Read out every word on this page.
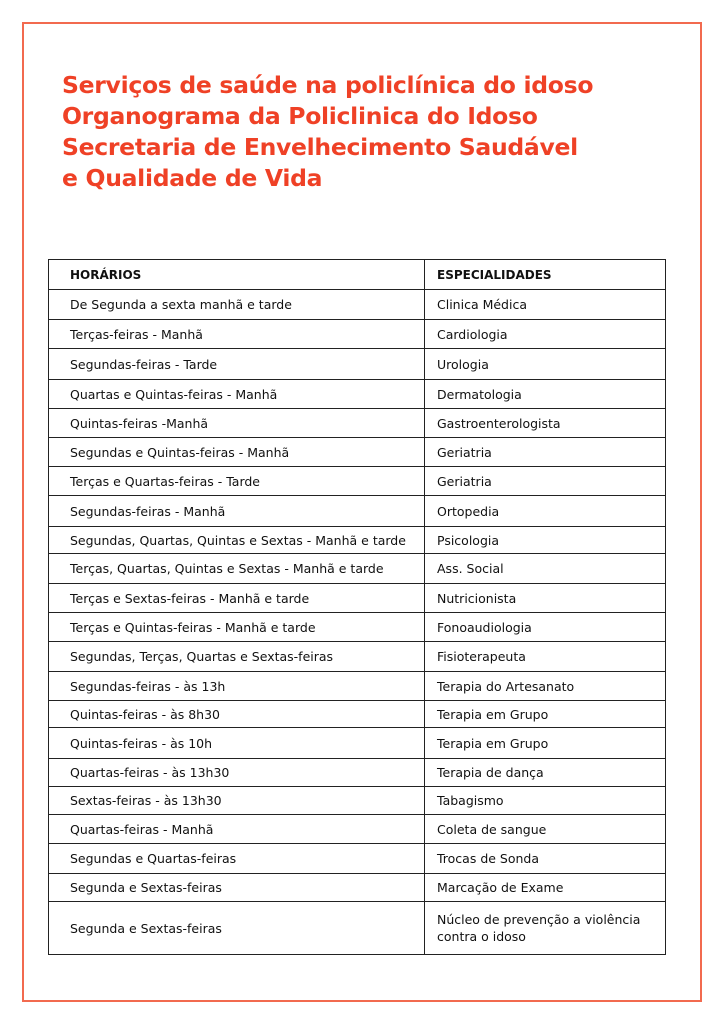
Serviços de saúde na policlínica do idoso
Organograma da Policlinica do Idoso
Secretaria de Envelhecimento Saudável
e Qualidade de Vida
HORÁRIOS	ESPECIALIDADES
De Segunda a sexta manhã e tarde	Clinica Médica
Terças-feiras - Manhã	Cardiologia
Segundas-feiras - Tarde	Urologia
Quartas e Quintas-feiras - Manhã	Dermatologia
Quintas-feiras -Manhã	Gastroenterologista
Segundas e Quintas-feiras - Manhã	Geriatria
Terças e Quartas-feiras - Tarde	Geriatria
Segundas-feiras - Manhã	Ortopedia
Segundas, Quartas, Quintas e Sextas - Manhã e tarde	Psicologia
Terças, Quartas, Quintas e Sextas - Manhã e tarde	Ass. Social
Terças e Sextas-feiras - Manhã e tarde	Nutricionista
Terças e Quintas-feiras - Manhã e tarde	Fonoaudiologia
Segundas, Terças, Quartas e Sextas-feiras	Fisioterapeuta
Segundas-feiras - às 13h	Terapia do Artesanato
Quintas-feiras - às 8h30	Terapia em Grupo
Quintas-feiras - às 10h	Terapia em Grupo
Quartas-feiras - às 13h30	Terapia de dança
Sextas-feiras - às 13h30	Tabagismo
Quartas-feiras - Manhã	Coleta de sangue
Segundas e Quartas-feiras	Trocas de Sonda
Segunda e Sextas-feiras	Marcação de Exame
Segunda e Sextas-feiras	Núcleo de prevenção a violência contra o idoso
